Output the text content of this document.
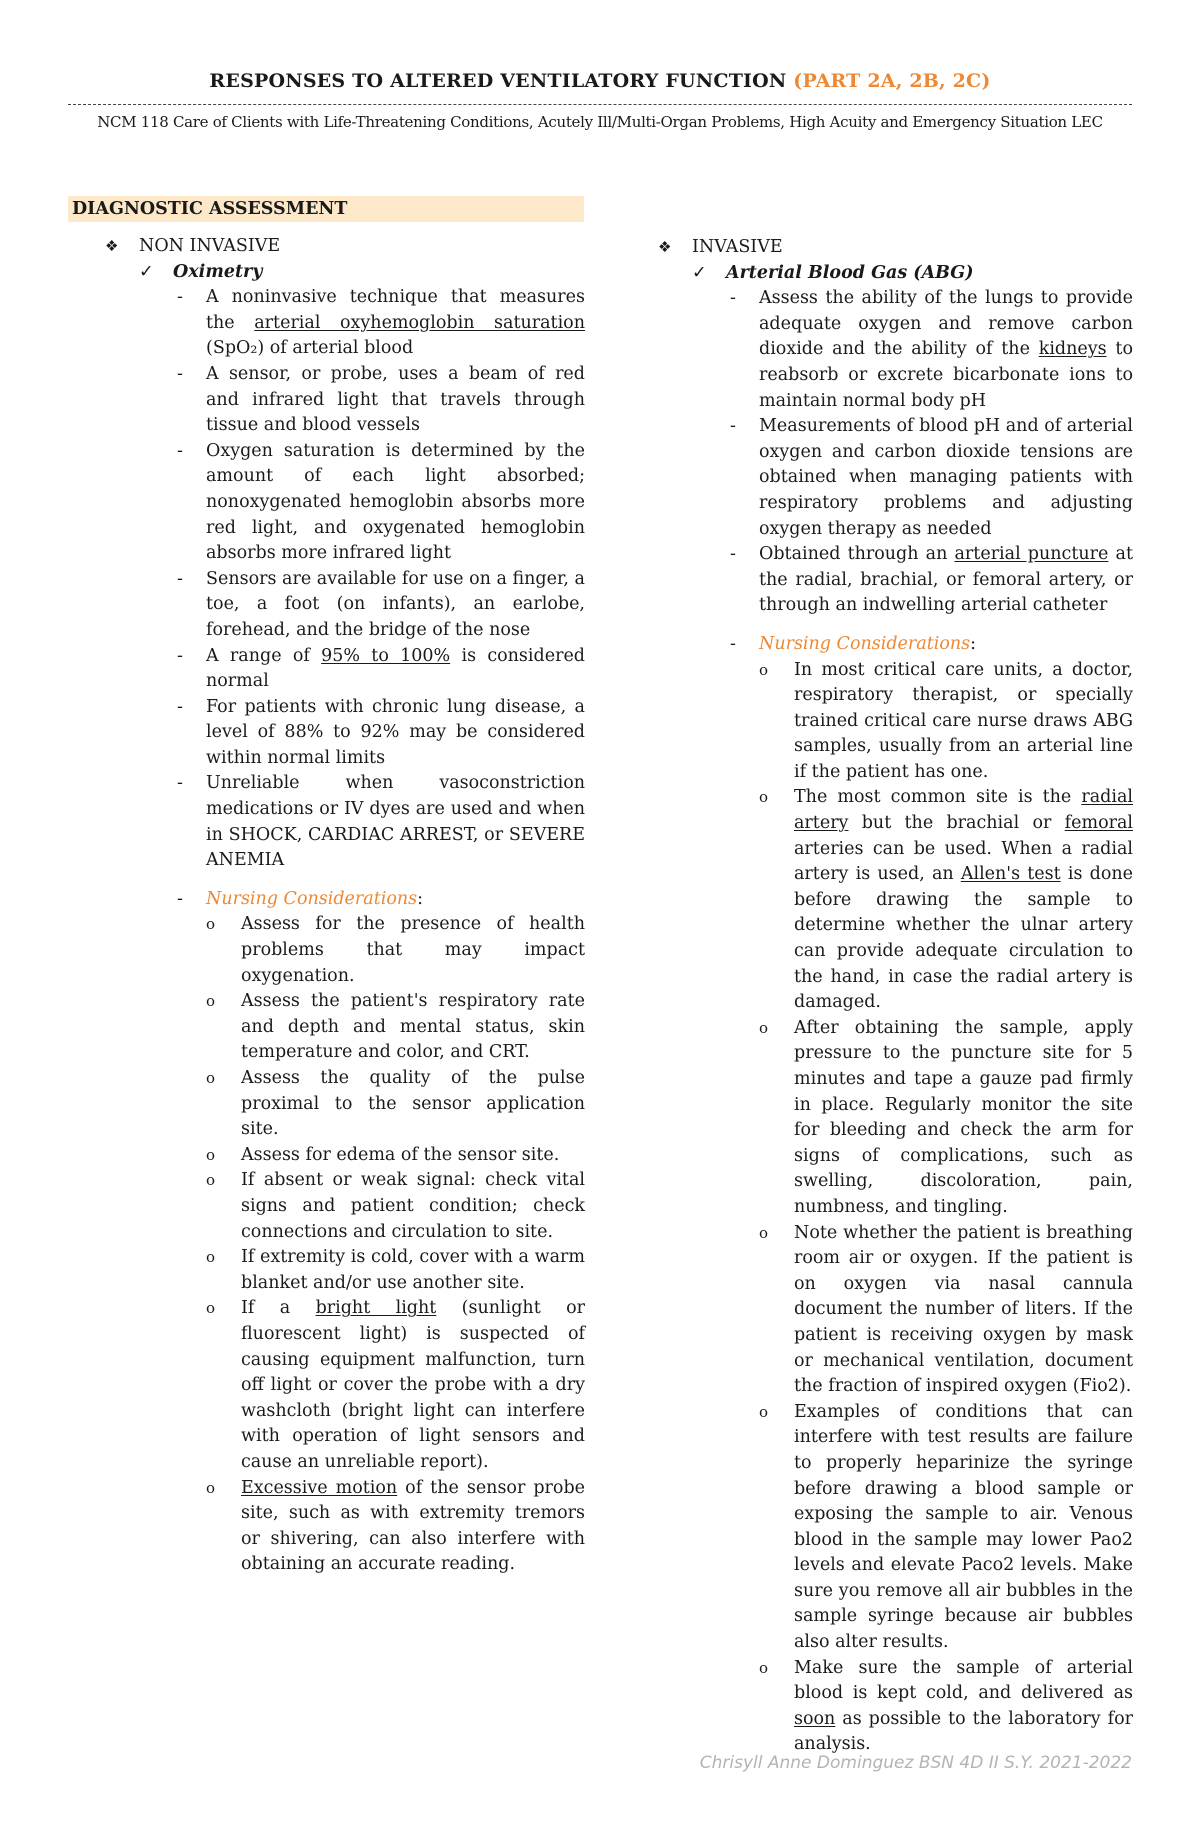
RESPONSES TO ALTERED VENTILATORY FUNCTION (PART 2A, 2B, 2C)
NCM 118 Care of Clients with Life-Threatening Conditions, Acutely Ill/Multi-Organ Problems, High Acuity and Emergency Situation LEC
DIAGNOSTIC ASSESSMENT
❖	NON INVASIVE
✓	Oximetry
- A noninvasive technique that measures the arterial oxyhemoglobin saturation (SpO₂) of arterial blood
- A sensor, or probe, uses a beam of red and infrared light that travels through tissue and blood vessels
- Oxygen saturation is determined by the amount of each light absorbed; nonoxygenated hemoglobin absorbs more red light, and oxygenated hemoglobin absorbs more infrared light
- Sensors are available for use on a finger, a toe, a foot (on infants), an earlobe, forehead, and the bridge of the nose
- A range of 95% to 100% is considered normal
- For patients with chronic lung disease, a level of 88% to 92% may be considered within normal limits
- Unreliable when vasoconstriction medications or IV dyes are used and when in SHOCK, CARDIAC ARREST, or SEVERE ANEMIA
- Nursing Considerations:
o Assess for the presence of health problems that may impact oxygenation.
o Assess the patient's respiratory rate and depth and mental status, skin temperature and color, and CRT.
o Assess the quality of the pulse proximal to the sensor application site.
o Assess for edema of the sensor site.
o If absent or weak signal: check vital signs and patient condition; check connections and circulation to site.
o If extremity is cold, cover with a warm blanket and/or use another site.
o If a bright light (sunlight or fluorescent light) is suspected of causing equipment malfunction, turn off light or cover the probe with a dry washcloth (bright light can interfere with operation of light sensors and cause an unreliable report).
o Excessive motion of the sensor probe site, such as with extremity tremors or shivering, can also interfere with obtaining an accurate reading.
❖	INVASIVE
✓	Arterial Blood Gas (ABG)
- Assess the ability of the lungs to provide adequate oxygen and remove carbon dioxide and the ability of the kidneys to reabsorb or excrete bicarbonate ions to maintain normal body pH
- Measurements of blood pH and of arterial oxygen and carbon dioxide tensions are obtained when managing patients with respiratory problems and adjusting oxygen therapy as needed
- Obtained through an arterial puncture at the radial, brachial, or femoral artery, or through an indwelling arterial catheter
- Nursing Considerations:
o In most critical care units, a doctor, respiratory therapist, or specially trained critical care nurse draws ABG samples, usually from an arterial line if the patient has one.
o The most common site is the radial artery but the brachial or femoral arteries can be used. When a radial artery is used, an Allen's test is done before drawing the sample to determine whether the ulnar artery can provide adequate circulation to the hand, in case the radial artery is damaged.
o After obtaining the sample, apply pressure to the puncture site for 5 minutes and tape a gauze pad firmly in place. Regularly monitor the site for bleeding and check the arm for signs of complications, such as swelling, discoloration, pain, numbness, and tingling.
o Note whether the patient is breathing room air or oxygen. If the patient is on oxygen via nasal cannula document the number of liters. If the patient is receiving oxygen by mask or mechanical ventilation, document the fraction of inspired oxygen (Fio2).
o Examples of conditions that can interfere with test results are failure to properly heparinize the syringe before drawing a blood sample or exposing the sample to air. Venous blood in the sample may lower Pao2 levels and elevate Paco2 levels. Make sure you remove all air bubbles in the sample syringe because air bubbles also alter results.
o Make sure the sample of arterial blood is kept cold, and delivered as soon as possible to the laboratory for analysis.
Chrisyll Anne Dominguez BSN 4D II S.Y. 2021-2022
